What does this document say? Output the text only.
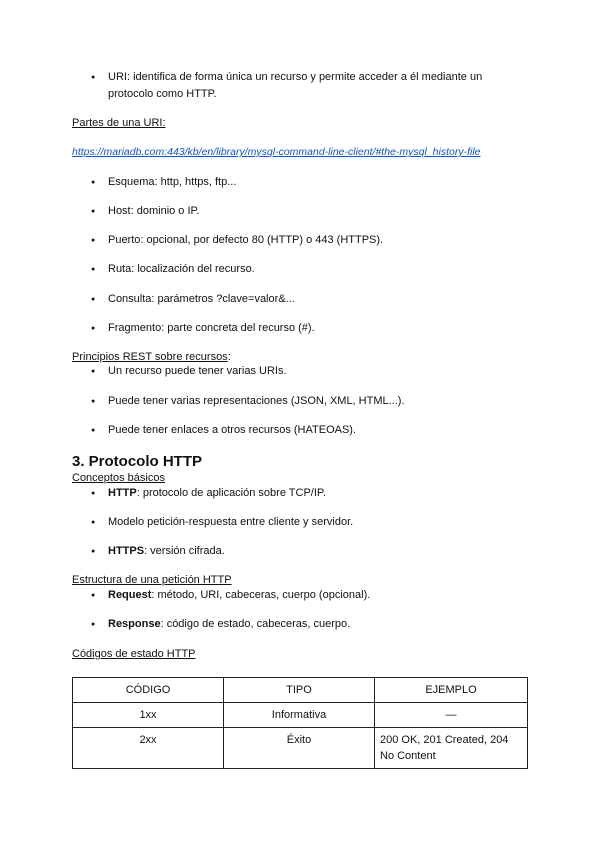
● URI: identifica de forma única un recurso y permite acceder a él mediante un protocolo como HTTP.
Partes de una URI:
https://mariadb.com:443/kb/en/library/mysql-command-line-client/#the-mysql_history-file
● Esquema: http, https, ftp...
● Host: dominio o IP.
● Puerto: opcional, por defecto 80 (HTTP) o 443 (HTTPS).
● Ruta: localización del recurso.
● Consulta: parámetros ?clave=valor&...
● Fragmento: parte concreta del recurso (#).
Principios REST sobre recursos:
● Un recurso puede tener varias URIs.
● Puede tener varias representaciones (JSON, XML, HTML...).
● Puede tener enlaces a otros recursos (HATEOAS).
3. Protocolo HTTP
Conceptos básicos
● HTTP: protocolo de aplicación sobre TCP/IP.
● Modelo petición-respuesta entre cliente y servidor.
● HTTPS: versión cifrada.
Estructura de una petición HTTP
● Request: método, URI, cabeceras, cuerpo (opcional).
● Response: código de estado, cabeceras, cuerpo.
Códigos de estado HTTP
CÓDIGO	TIPO	EJEMPLO
1xx	Informativa	—
2xx	Éxito	200 OK, 201 Created, 204 No Content
